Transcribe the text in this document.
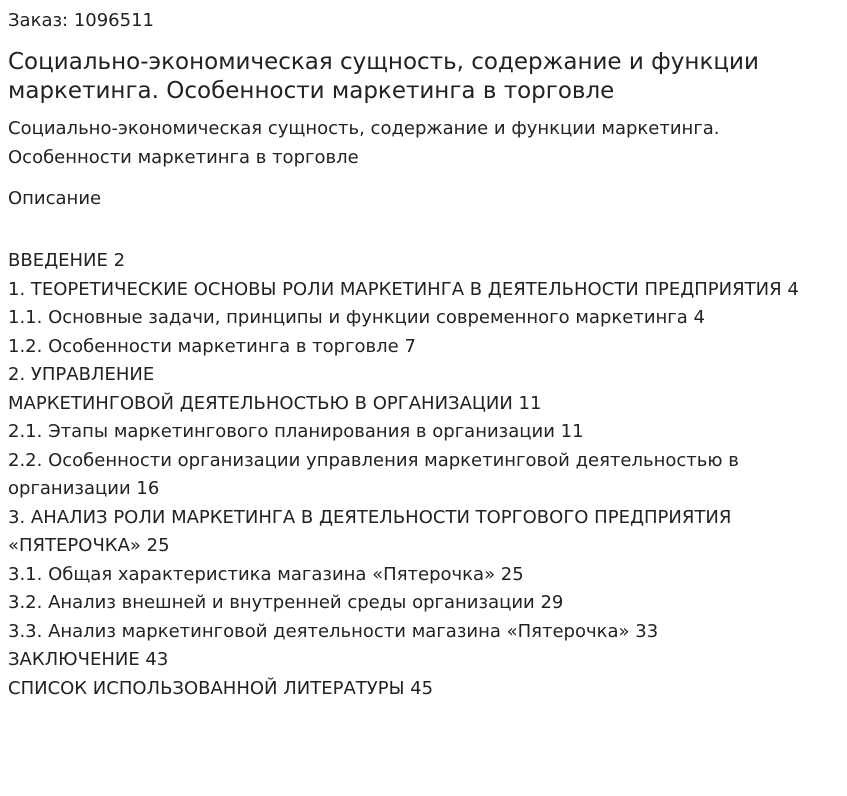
Заказ: 1096511

Социально-экономическая сущность, содержание и функции маркетинга. Особенности маркетинга в торговле

Социально-экономическая сущность, содержание и функции маркетинга. Особенности маркетинга в торговле

Описание
ВВЕДЕНИЕ 2
1. ТЕОРЕТИЧЕСКИЕ ОСНОВЫ РОЛИ МАРКЕТИНГА В ДЕЯТЕЛЬНОСТИ ПРЕДПРИЯТИЯ 4
1.1. Основные задачи, принципы и функции современного маркетинга 4
1.2. Особенности маркетинга в торговле 7
2. УПРАВЛЕНИЕ
МАРКЕТИНГОВОЙ ДЕЯТЕЛЬНОСТЬЮ В ОРГАНИЗАЦИИ 11
2.1. Этапы маркетингового планирования в организации 11
2.2. Особенности организации управления маркетинговой деятельностью в организации 16
3. АНАЛИЗ РОЛИ МАРКЕТИНГА В ДЕЯТЕЛЬНОСТИ ТОРГОВОГО ПРЕДПРИЯТИЯ «ПЯТЕРОЧКА» 25
3.1. Общая характеристика магазина «Пятерочка» 25
3.2. Анализ внешней и внутренней среды организации 29
3.3. Анализ маркетинговой деятельности магазина «Пятерочка» 33
ЗАКЛЮЧЕНИЕ 43
СПИСОК ИСПОЛЬЗОВАННОЙ ЛИТЕРАТУРЫ 45
